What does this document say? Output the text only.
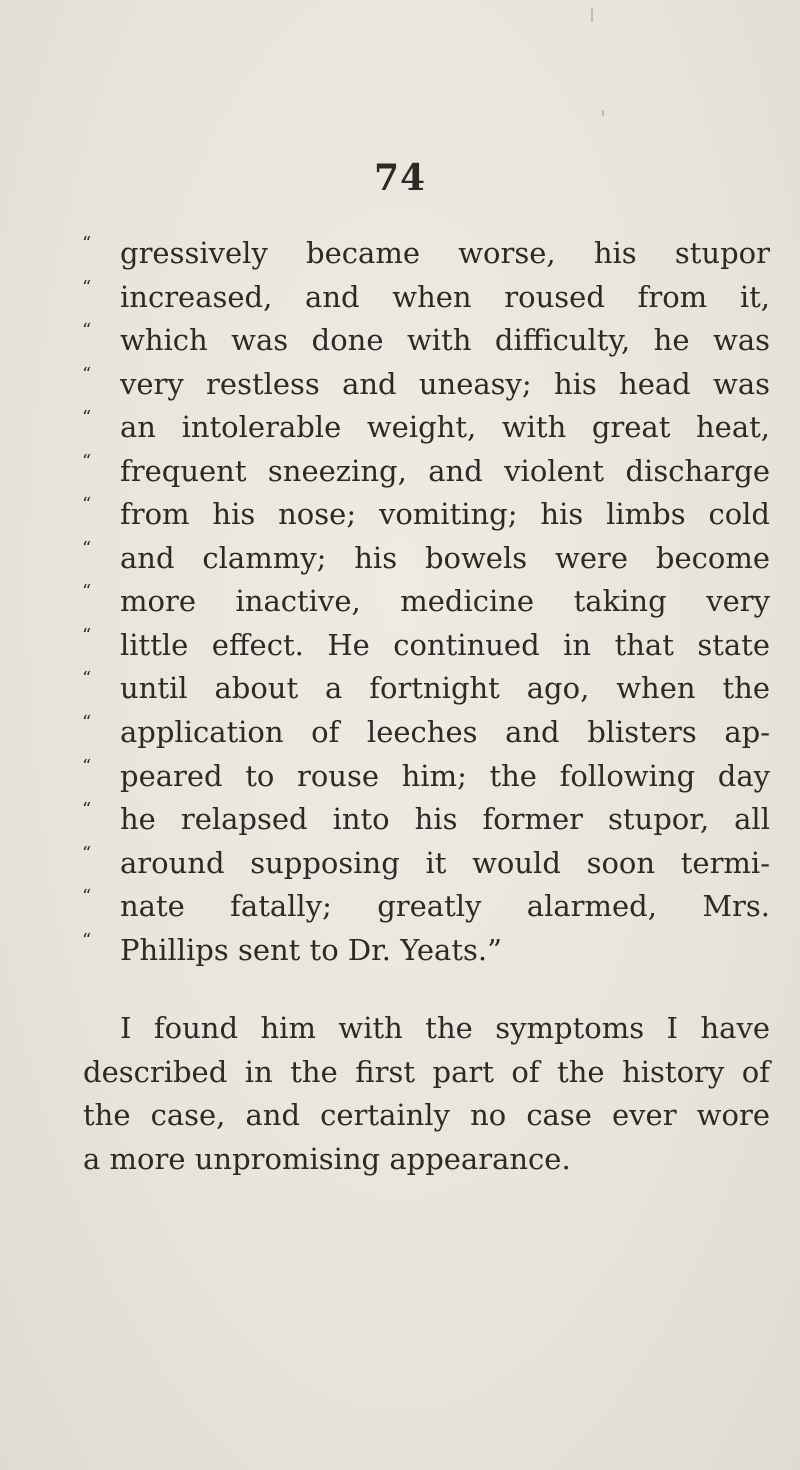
74
“ gressively became worse, his stupor
“ increased, and when roused from it,
“ which was done with difficulty, he was
“ very restless and uneasy; his head was
“ an intolerable weight, with great heat,
“ frequent sneezing, and violent discharge
“ from his nose; vomiting; his limbs cold
“ and clammy; his bowels were become
“ more inactive, medicine taking very
“ little effect. He continued in that state
“ until about a fortnight ago, when the
“ application of leeches and blisters ap-
“ peared to rouse him; the following day
“ he relapsed into his former stupor, all
“ around supposing it would soon termi-
“ nate fatally; greatly alarmed, Mrs.
“ Phillips sent to Dr. Yeats.”
I found him with the symptoms I have
described in the first part of the history of
the case, and certainly no case ever wore
a more unpromising appearance.
